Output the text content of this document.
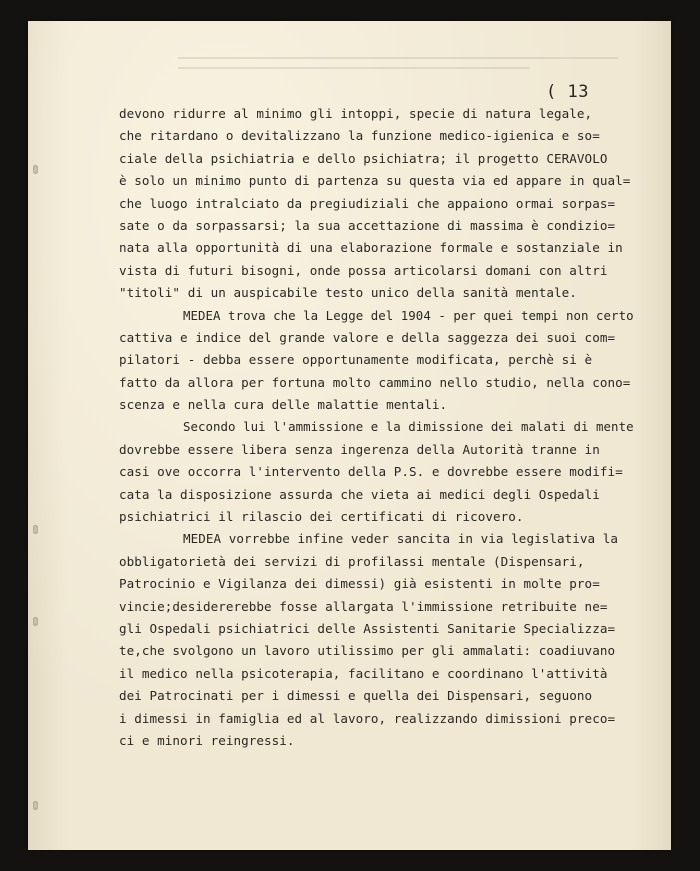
( 13
devono ridurre al minimo gli intoppi, specie di natura legale,
che ritardano o devitalizzano la funzione medico-igienica e so=
ciale della psichiatria e dello psichiatra; il progetto CERAVOLO
è solo un minimo punto di partenza su questa via ed appare in qual=
che luogo intralciato da pregiudiziali che appaiono ormai sorpas=
sate o da sorpassarsi; la sua accettazione di massima è condizio=
nata alla opportunità di una elaborazione formale e sostanziale in
vista di futuri bisogni, onde possa articolarsi domani con altri
"titoli" di un auspicabile testo unico della sanità mentale.
MEDEA trova che la Legge del 1904 - per quei tempi non certo
cattiva e indice del grande valore e della saggezza dei suoi com=
pilatori - debba essere opportunamente modificata, perchè si è
fatto da allora per fortuna molto cammino nello studio, nella cono=
scenza e nella cura delle malattie mentali.
Secondo lui l'ammissione e la dimissione dei malati di mente
dovrebbe essere libera senza ingerenza della Autorità tranne in
casi ove occorra l'intervento della P.S. e dovrebbe essere modifi=
cata la disposizione assurda che vieta ai medici degli Ospedali
psichiatrici il rilascio dei certificati di ricovero.
MEDEA vorrebbe infine veder sancita in via legislativa la
obbligatorietà dei servizi di profilassi mentale (Dispensari,
Patrocinio e Vigilanza dei dimessi) già esistenti in molte pro=
vincie;desidererebbe fosse allargata l'immissione retribuite ne=
gli Ospedali psichiatrici delle Assistenti Sanitarie Specializza=
te,che svolgono un lavoro utilissimo per gli ammalati: coadiuvano
il medico nella psicoterapia, facilitano e coordinano l'attività
dei Patrocinati per i dimessi e quella dei Dispensari, seguono
i dimessi in famiglia ed al lavoro, realizzando dimissioni preco=
ci e minori reingressi.
